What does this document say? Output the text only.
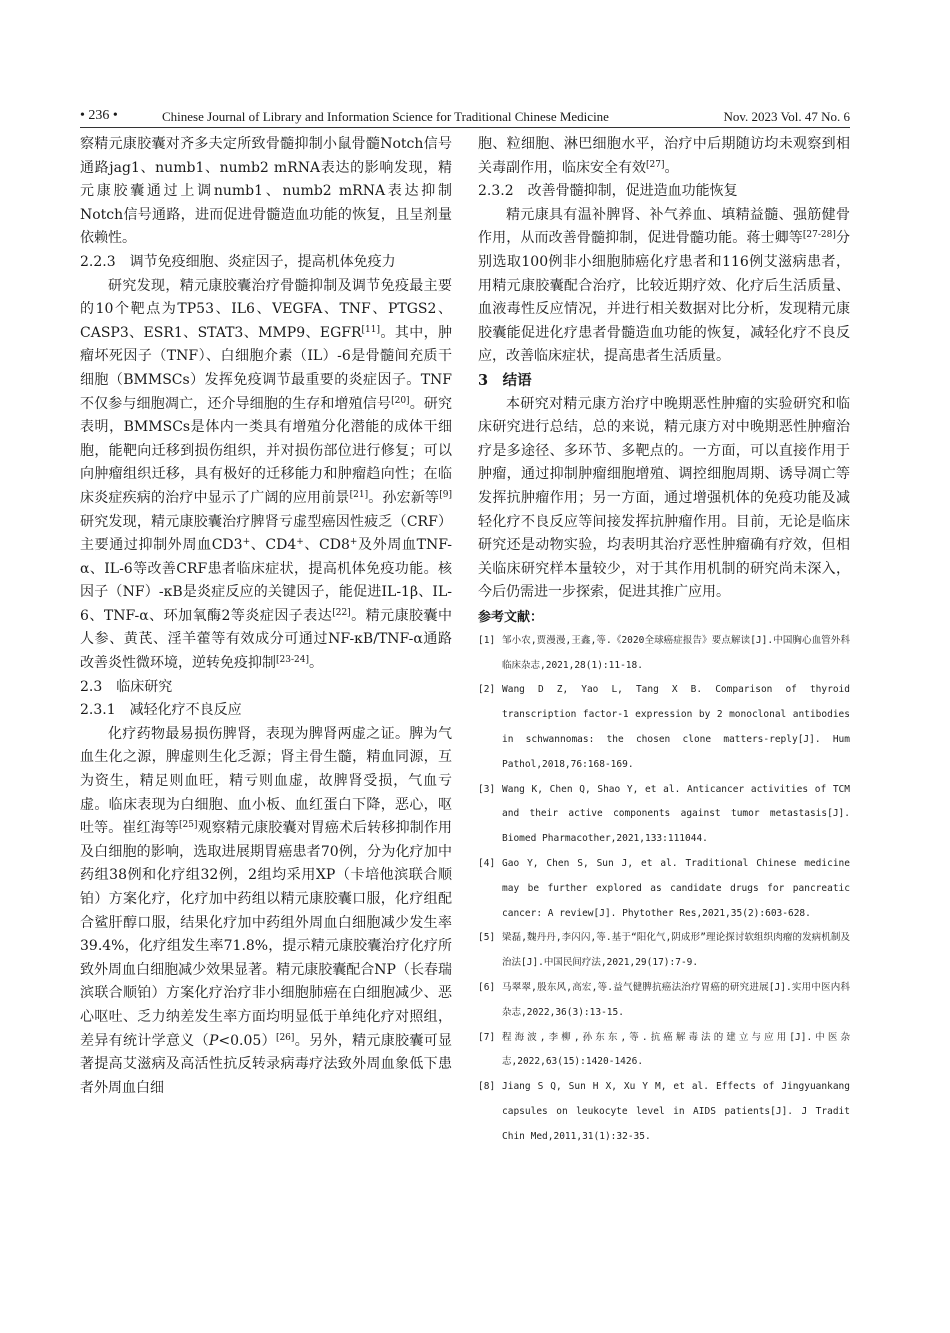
• 236 •	Chinese Journal of Library and Information Science for Traditional Chinese Medicine	Nov. 2023 Vol. 47 No. 6

察精元康胶囊对齐多夫定所致骨髓抑制小鼠骨髓Notch信号通路jag1、numb1、numb2 mRNA表达的影响发现，精元康胶囊通过上调numb1、numb2 mRNA表达抑制Notch信号通路，进而促进骨髓造血功能的恢复，且呈剂量依赖性。

2.2.3　调节免疫细胞、炎症因子，提高机体免疫力

研究发现，精元康胶囊治疗骨髓抑制及调节免疫最主要的10个靶点为TP53、IL6、VEGFA、TNF、PTGS2、CASP3、ESR1、STAT3、MMP9、EGFR[11]。其中，肿瘤坏死因子（TNF）、白细胞介素（IL）-6是骨髓间充质干细胞（BMMSCs）发挥免疫调节最重要的炎症因子。TNF不仅参与细胞凋亡，还介导细胞的生存和增殖信号[20]。研究表明，BMMSCs是体内一类具有增殖分化潜能的成体干细胞，能靶向迁移到损伤组织，并对损伤部位进行修复；可以向肿瘤组织迁移，具有极好的迁移能力和肿瘤趋向性；在临床炎症疾病的治疗中显示了广阔的应用前景[21]。孙宏新等[9]研究发现，精元康胶囊治疗脾肾亏虚型癌因性疲乏（CRF）主要通过抑制外周血CD3+、CD4+、CD8+及外周血TNF-α、IL-6等改善CRF患者临床症状，提高机体免疫功能。核因子（NF）-κB是炎症反应的关键因子，能促进IL-1β、IL-6、TNF-α、环加氧酶2等炎症因子表达[22]。精元康胶囊中人参、黄芪、淫羊藿等有效成分可通过NF-κB/TNF-α通路改善炎性微环境，逆转免疫抑制[23-24]。

2.3　临床研究
2.3.1　减轻化疗不良反应

化疗药物最易损伤脾肾，表现为脾肾两虚之证。脾为气血生化之源，脾虚则生化乏源；肾主骨生髓，精血同源，互为资生，精足则血旺，精亏则血虚，故脾肾受损，气血亏虚。临床表现为白细胞、血小板、血红蛋白下降，恶心，呕吐等。崔红海等[25]观察精元康胶囊对胃癌术后转移抑制作用及白细胞的影响，选取进展期胃癌患者70例，分为化疗加中药组38例和化疗组32例，2组均采用XP（卡培他滨联合顺铂）方案化疗，化疗加中药组以精元康胶囊口服，化疗组配合鲨肝醇口服，结果化疗加中药组外周血白细胞减少发生率39.4%，化疗组发生率71.8%，提示精元康胶囊治疗化疗所致外周血白细胞减少效果显著。精元康胶囊配合NP（长春瑞滨联合顺铂）方案化疗治疗非小细胞肺癌在白细胞减少、恶心呕吐、乏力纳差发生率方面均明显低于单纯化疗对照组，差异有统计学意义（P<0.05）[26]。另外，精元康胶囊可显著提高艾滋病及高活性抗反转录病毒疗法致外周血象低下患者外周血白细

胞、粒细胞、淋巴细胞水平，治疗中后期随访均未观察到相关毒副作用，临床安全有效[27]。

2.3.2　改善骨髓抑制，促进造血功能恢复

精元康具有温补脾肾、补气养血、填精益髓、强筋健骨作用，从而改善骨髓抑制，促进骨髓功能。蒋士卿等[27-28]分别选取100例非小细胞肺癌化疗患者和116例艾滋病患者，用精元康胶囊配合治疗，比较近期疗效、化疗后生活质量、血液毒性反应情况，并进行相关数据对比分析，发现精元康胶囊能促进化疗患者骨髓造血功能的恢复，减轻化疗不良反应，改善临床症状，提高患者生活质量。

3　结语

本研究对精元康方治疗中晚期恶性肿瘤的实验研究和临床研究进行总结，总的来说，精元康方对中晚期恶性肿瘤治疗是多途径、多环节、多靶点的。一方面，可以直接作用于肿瘤，通过抑制肿瘤细胞增殖、调控细胞周期、诱导凋亡等发挥抗肿瘤作用；另一方面，通过增强机体的免疫功能及减轻化疗不良反应等间接发挥抗肿瘤作用。目前，无论是临床研究还是动物实验，均表明其治疗恶性肿瘤确有疗效，但相关临床研究样本量较少，对于其作用机制的研究尚未深入，今后仍需进一步探索，促进其推广应用。

参考文献：
[1] 邹小农,贾漫漫,王鑫,等.《2020全球癌症报告》要点解读[J].中国胸心血管外科临床杂志,2021,28(1):11-18.
[2] Wang D Z, Yao L, Tang X B. Comparison of thyroid transcription factor-1 expression by 2 monoclonal antibodies in schwannomas: the chosen clone matters-reply[J]. Hum Pathol,2018,76:168-169.
[3] Wang K, Chen Q, Shao Y, et al. Anticancer activities of TCM and their active components against tumor metastasis[J]. Biomed Pharmacother,2021,133:111044.
[4] Gao Y, Chen S, Sun J, et al. Traditional Chinese medicine may be further explored as candidate drugs for pancreatic cancer: A review[J]. Phytother Res,2021,35(2):603-628.
[5] 梁磊,魏丹丹,李闪闪,等.基于“阳化气,阴成形”理论探讨软组织肉瘤的发病机制及治法[J].中国民间疗法,2021,29(17):7-9.
[6] 马翠翠,殷东风,高宏,等.益气健脾抗癌法治疗胃癌的研究进展[J].实用中医内科杂志,2022,36(3):13-15.
[7] 程海波,李柳,孙东东,等.抗癌解毒法的建立与应用[J].中医杂志,2022,63(15):1420-1426.
[8] Jiang S Q, Sun H X, Xu Y M, et al. Effects of Jingyuankang capsules on leukocyte level in AIDS patients[J]. J Tradit Chin Med,2011,31(1):32-35.
